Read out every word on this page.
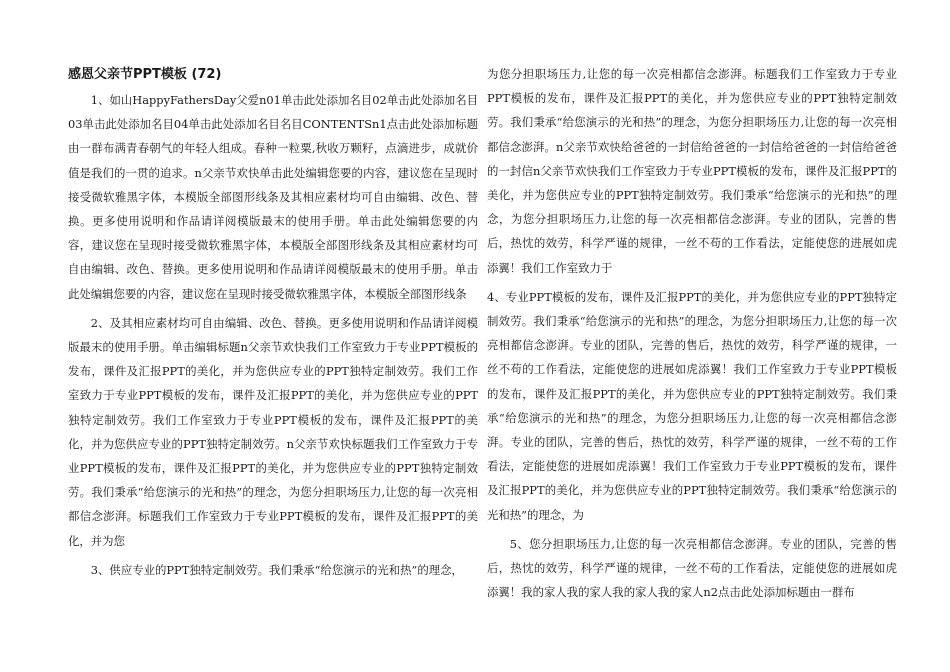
感恩父亲节PPT模板 (72)

1、如山HappyFathersDay父爱n01单击此处添加名目02单击此处添加名目03单击此处添加名目04单击此处添加名目名目CONTENTSn1点击此处添加标题由一群布满青春朝气的年轻人组成。春种一粒粟,秋收万颗籽，点滴进步，成就价值是我们的一贯的追求。n父亲节欢快单击此处编辑您要的内容，建议您在呈现时接受微软雅黑字体，本模版全部图形线条及其相应素材均可自由编辑、改色、替换。更多使用说明和作品请详阅模版最末的使用手册。单击此处编辑您要的内容，建议您在呈现时接受微软雅黑字体，本模版全部图形线条及其相应素材均可自由编辑、改色、替换。更多使用说明和作品请详阅模版最末的使用手册。单击此处编辑您要的内容，建议您在呈现时接受微软雅黑字体，本模版全部图形线条

2、及其相应素材均可自由编辑、改色、替换。更多使用说明和作品请详阅模版最末的使用手册。单击编辑标题n父亲节欢快我们工作室致力于专业PPT模板的发布，课件及汇报PPT的美化，并为您供应专业的PPT独特定制效劳。我们工作室致力于专业PPT模板的发布，课件及汇报PPT的美化，并为您供应专业的PPT独特定制效劳。我们工作室致力于专业PPT模板的发布，课件及汇报PPT的美化，并为您供应专业的PPT独特定制效劳。n父亲节欢快标题我们工作室致力于专业PPT模板的发布，课件及汇报PPT的美化，并为您供应专业的PPT独特定制效劳。我们秉承“给您演示的光和热”的理念，为您分担职场压力,让您的每一次亮相都信念澎湃。标题我们工作室致力于专业PPT模板的发布，课件及汇报PPT的美化，并为您

3、供应专业的PPT独特定制效劳。我们秉承“给您演示的光和热”的理念，

为您分担职场压力,让您的每一次亮相都信念澎湃。标题我们工作室致力于专业PPT模板的发布，课件及汇报PPT的美化，并为您供应专业的PPT独特定制效劳。我们秉承“给您演示的光和热”的理念，为您分担职场压力,让您的每一次亮相都信念澎湃。n父亲节欢快给爸爸的一封信给爸爸的一封信给爸爸的一封信给爸爸的一封信n父亲节欢快我们工作室致力于专业PPT模板的发布，课件及汇报PPT的美化，并为您供应专业的PPT独特定制效劳。我们秉承“给您演示的光和热”的理念，为您分担职场压力,让您的每一次亮相都信念澎湃。专业的团队，完善的售后，热忱的效劳，科学严谨的规律，一丝不苟的工作看法，定能使您的进展如虎添翼！我们工作室致力于

4、专业PPT模板的发布，课件及汇报PPT的美化，并为您供应专业的PPT独特定制效劳。我们秉承“给您演示的光和热”的理念，为您分担职场压力,让您的每一次亮相都信念澎湃。专业的团队，完善的售后，热忱的效劳，科学严谨的规律，一丝不苟的工作看法，定能使您的进展如虎添翼！我们工作室致力于专业PPT模板的发布，课件及汇报PPT的美化，并为您供应专业的PPT独特定制效劳。我们秉承“给您演示的光和热”的理念，为您分担职场压力,让您的每一次亮相都信念澎湃。专业的团队，完善的售后，热忱的效劳，科学严谨的规律，一丝不苟的工作看法，定能使您的进展如虎添翼！我们工作室致力于专业PPT模板的发布，课件及汇报PPT的美化，并为您供应专业的PPT独特定制效劳。我们秉承“给您演示的光和热”的理念，为

5、您分担职场压力,让您的每一次亮相都信念澎湃。专业的团队，完善的售后，热忱的效劳，科学严谨的规律，一丝不苟的工作看法，定能使您的进展如虎添翼！我的家人我的家人我的家人我的家人n2点击此处添加标题由一群布
